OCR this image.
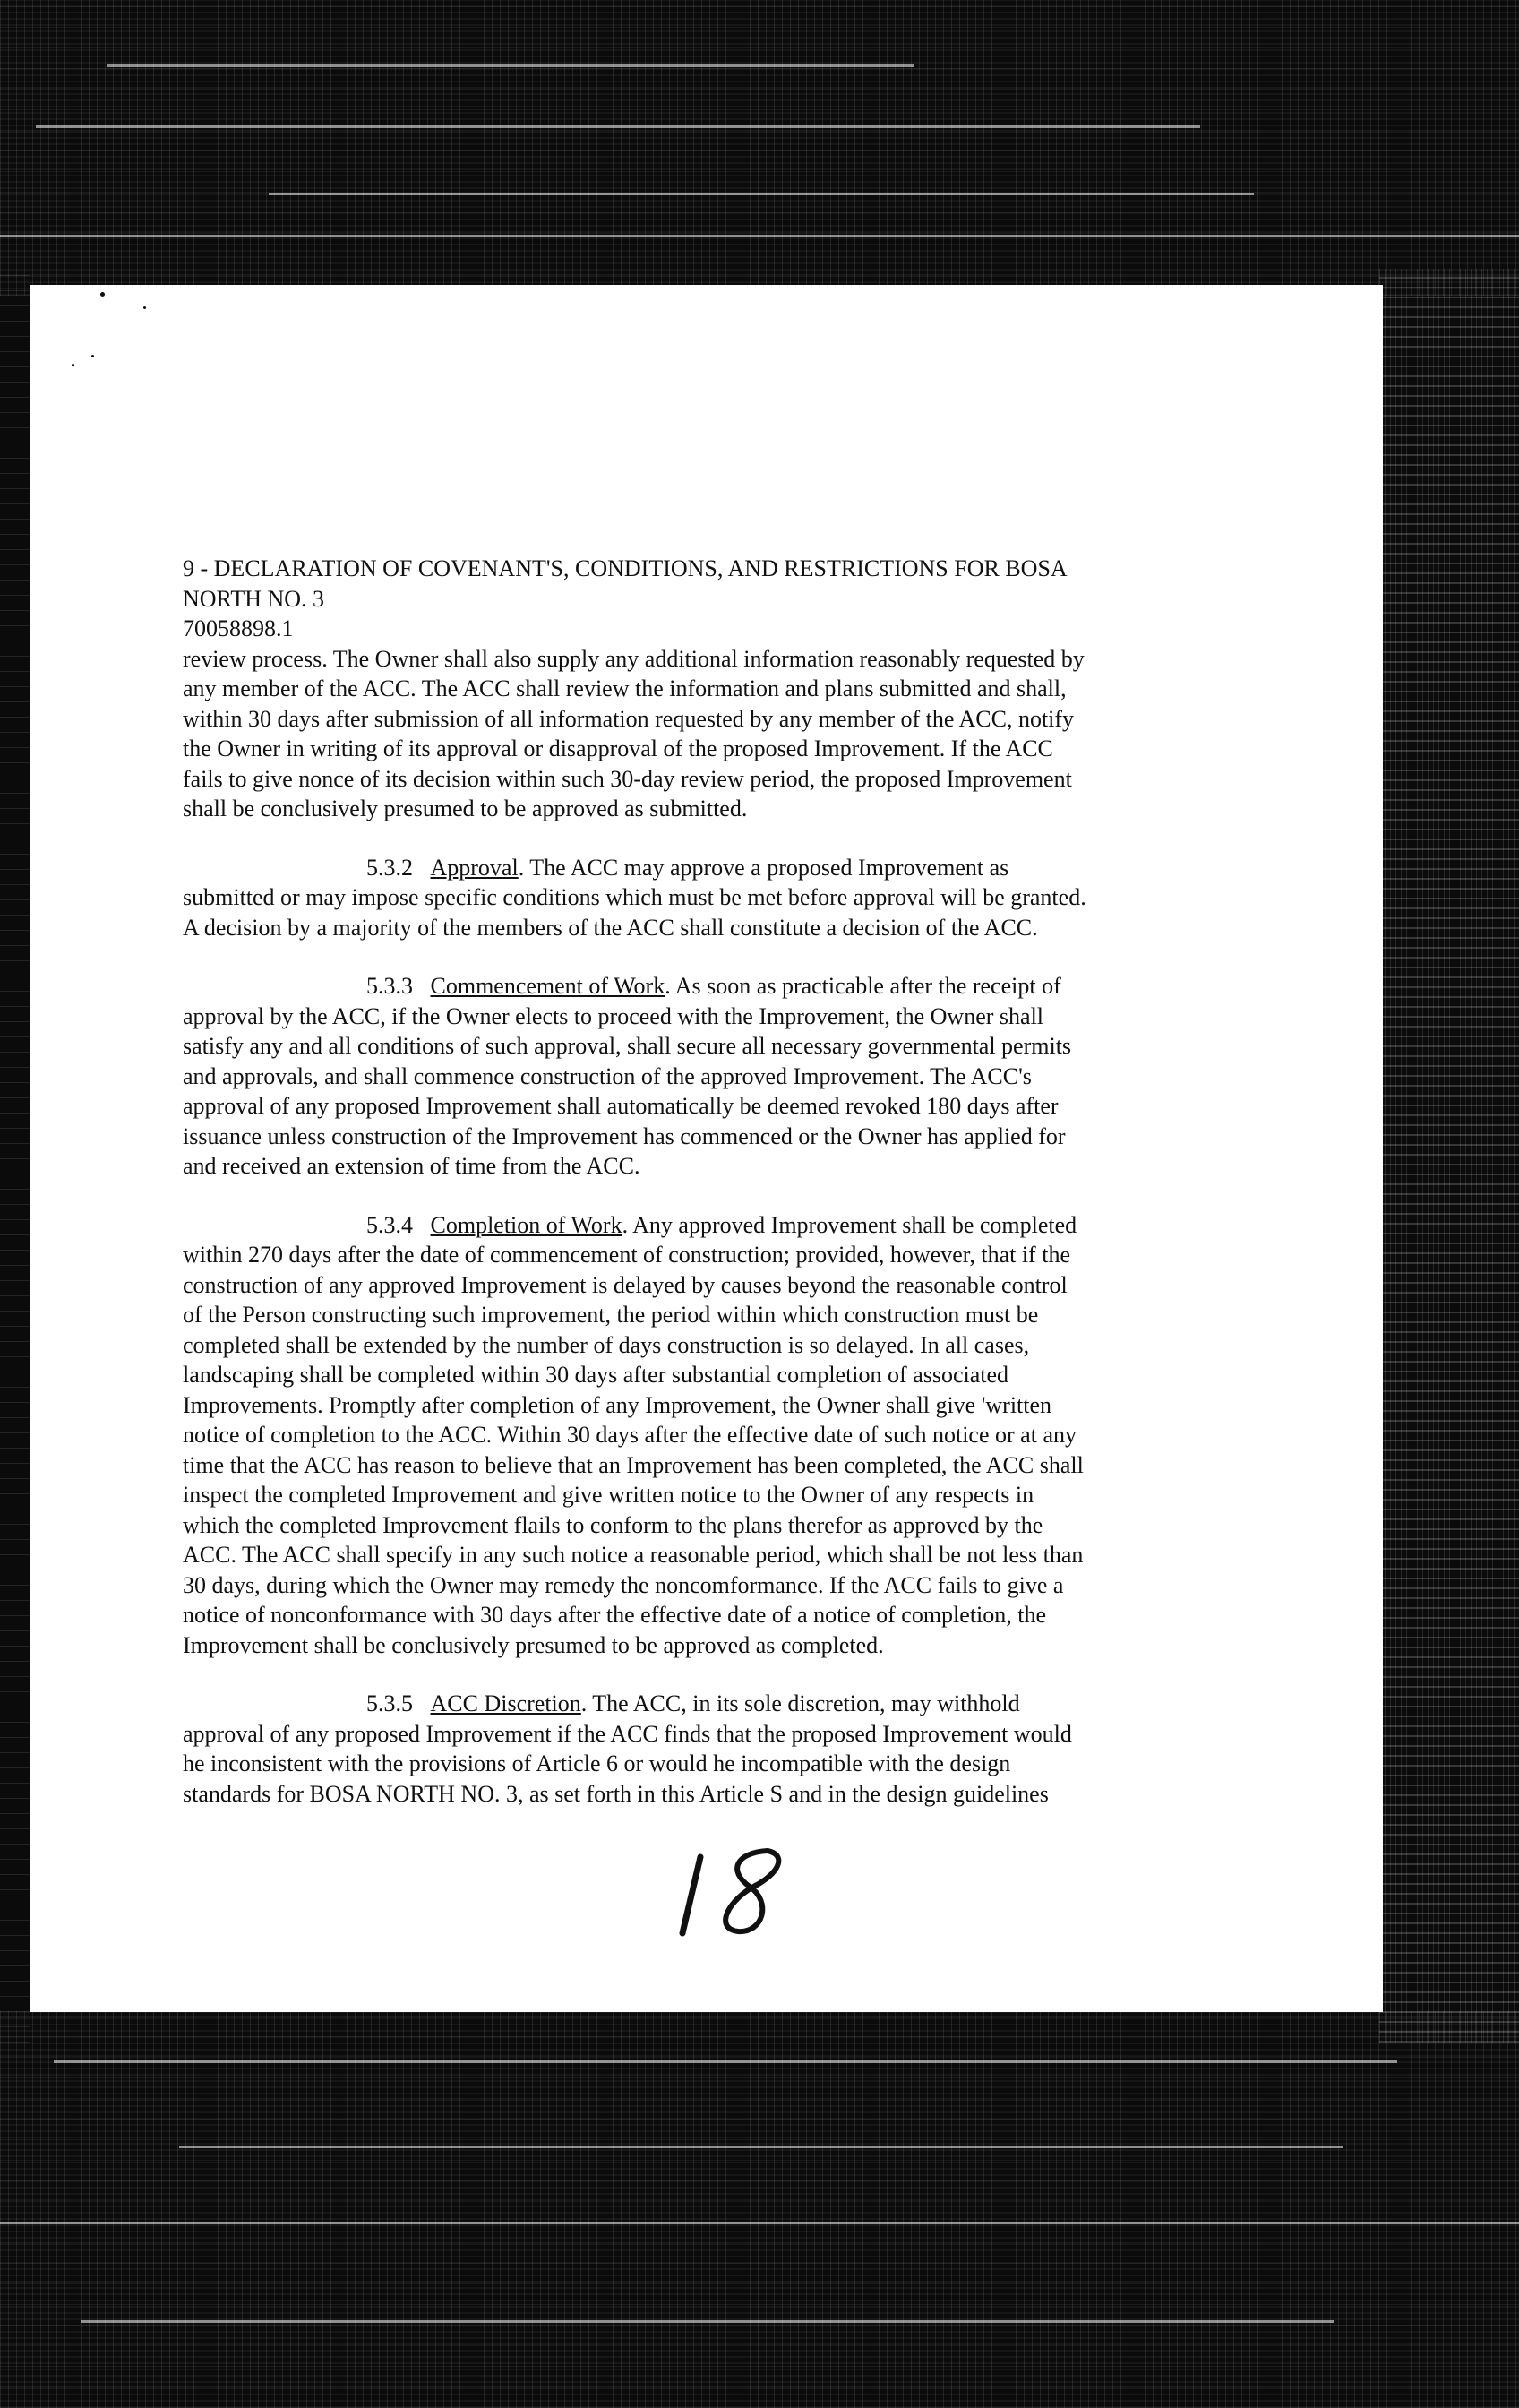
9 - DECLARATION OF COVENANT'S, CONDITIONS, AND RESTRICTIONS FOR BOSA
NORTH NO. 3
70058898.1
review process. The Owner shall also supply any additional information reasonably requested by
any member of the ACC. The ACC shall review the information and plans submitted and shall,
within 30 days after submission of all information requested by any member of the ACC, notify
the Owner in writing of its approval or disapproval of the proposed Improvement. If the ACC
fails to give nonce of its decision within such 30-day review period, the proposed Improvement
shall be conclusively presumed to be approved as submitted.
5.3.2 Approval. The ACC may approve a proposed Improvement as
submitted or may impose specific conditions which must be met before approval will be granted.
A decision by a majority of the members of the ACC shall constitute a decision of the ACC.
5.3.3 Commencement of Work. As soon as practicable after the receipt of
approval by the ACC, if the Owner elects to proceed with the Improvement, the Owner shall
satisfy any and all conditions of such approval, shall secure all necessary governmental permits
and approvals, and shall commence construction of the approved Improvement. The ACC's
approval of any proposed Improvement shall automatically be deemed revoked 180 days after
issuance unless construction of the Improvement has commenced or the Owner has applied for
and received an extension of time from the ACC.
5.3.4 Completion of Work. Any approved Improvement shall be completed
within 270 days after the date of commencement of construction; provided, however, that if the
construction of any approved Improvement is delayed by causes beyond the reasonable control
of the Person constructing such improvement, the period within which construction must be
completed shall be extended by the number of days construction is so delayed. In all cases,
landscaping shall be completed within 30 days after substantial completion of associated
Improvements. Promptly after completion of any Improvement, the Owner shall give 'written
notice of completion to the ACC. Within 30 days after the effective date of such notice or at any
time that the ACC has reason to believe that an Improvement has been completed, the ACC shall
inspect the completed Improvement and give written notice to the Owner of any respects in
which the completed Improvement flails to conform to the plans therefor as approved by the
ACC. The ACC shall specify in any such notice a reasonable period, which shall be not less than
30 days, during which the Owner may remedy the noncomformance. If the ACC fails to give a
notice of nonconformance with 30 days after the effective date of a notice of completion, the
Improvement shall be conclusively presumed to be approved as completed.
5.3.5 ACC Discretion. The ACC, in its sole discretion, may withhold
approval of any proposed Improvement if the ACC finds that the proposed Improvement would
he inconsistent with the provisions of Article 6 or would he incompatible with the design
standards for BOSA NORTH NO. 3, as set forth in this Article S and in the design guidelines
